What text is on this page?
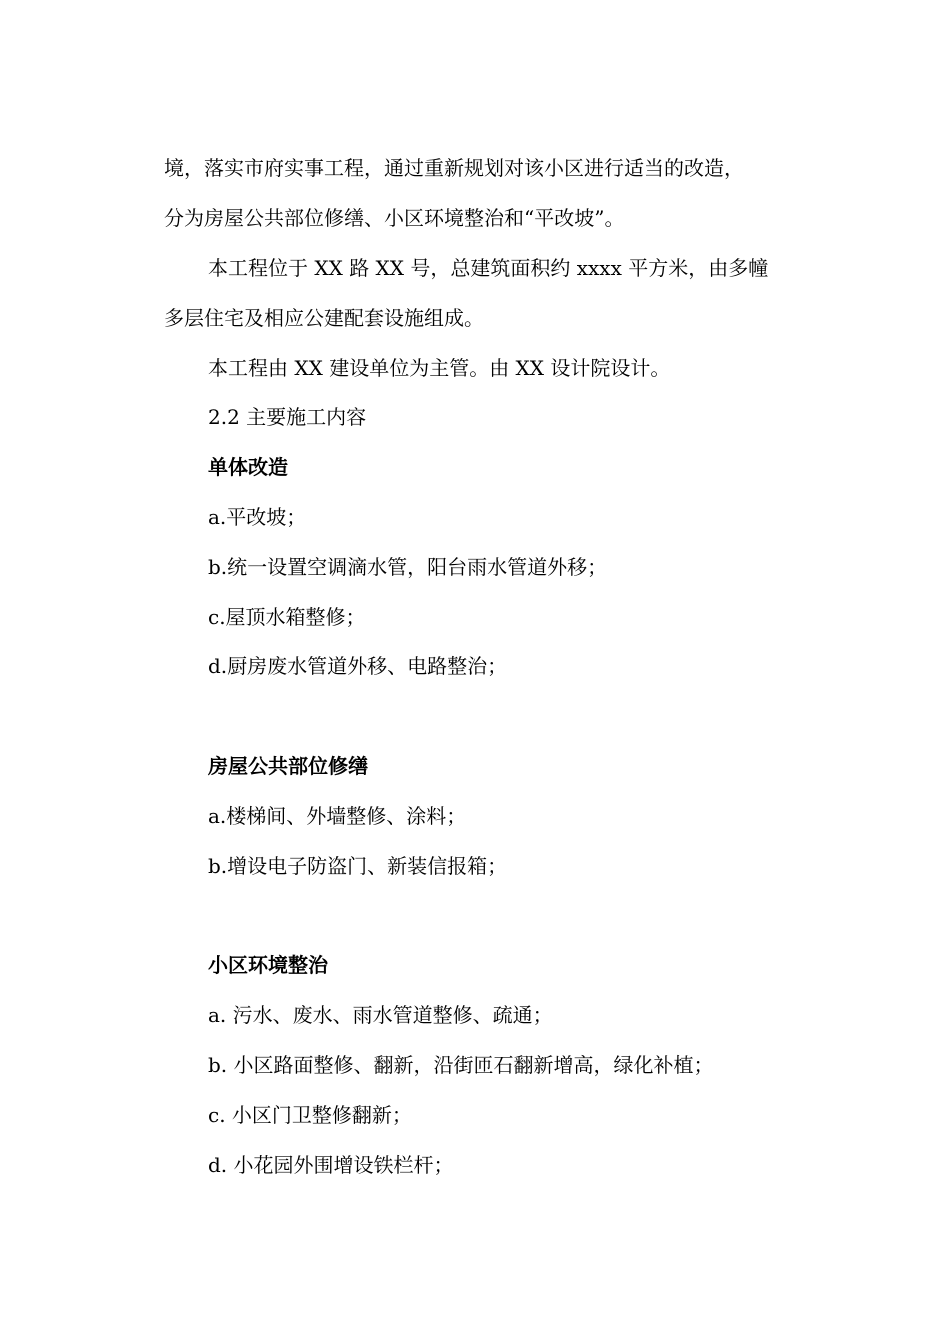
境，落实市府实事工程，通过重新规划对该小区进行适当的改造，
分为房屋公共部位修缮、小区环境整治和“平改坡”。
本工程位于 XX 路 XX 号，总建筑面积约 xxxx 平方米，由多幢
多层住宅及相应公建配套设施组成。
本工程由 XX 建设单位为主管。由 XX 设计院设计。
2.2 主要施工内容
单体改造
a.平改坡；
b.统一设置空调滴水管，阳台雨水管道外移；
c.屋顶水箱整修；
d.厨房废水管道外移、电路整治；
房屋公共部位修缮
a.楼梯间、外墙整修、涂料；
b.增设电子防盗门、新装信报箱；
小区环境整治
a. 污水、废水、雨水管道整修、疏通；
b. 小区路面整修、翻新，沿街匝石翻新增高，绿化补植；
c. 小区门卫整修翻新；
d. 小花园外围增设铁栏杆；
